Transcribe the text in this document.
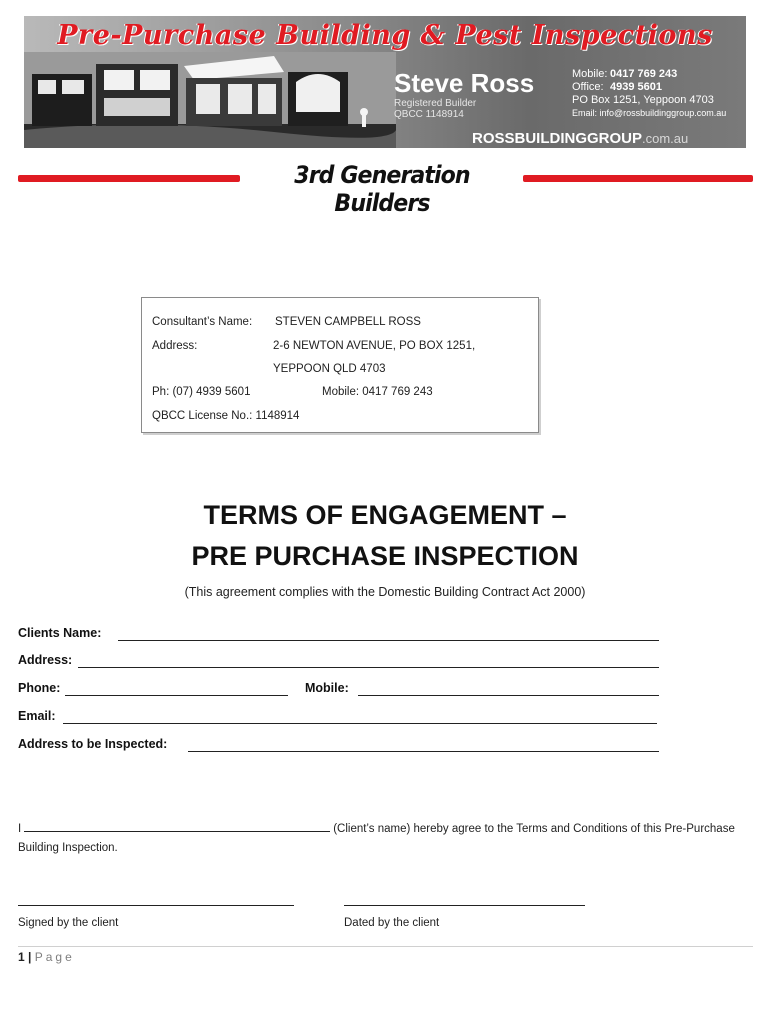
Pre-Purchase Building & Pest Inspections
Steve Ross
Registered Builder
QBCC 1148914
Mobile: 0417 769 243
Office: 4939 5601
PO Box 1251, Yeppoon 4703
Email: info@rossbuildinggroup.com.au
ROSSBUILDINGGROUP.com.au
3rd Generation Builders
Consultant’s Name: STEVEN CAMPBELL ROSS
Address:	2-6 NEWTON AVENUE, PO BOX 1251,
YEPPOON QLD 4703
Ph: (07) 4939 5601	Mobile: 0417 769 243
QBCC License No.: 1148914
TERMS OF ENGAGEMENT –
PRE PURCHASE INSPECTION
(This agreement complies with the Domestic Building Contract Act 2000)
Clients Name:
Address:
Phone:	Mobile:
Email:
Address to be Inspected:
I	(Client’s name) hereby agree to the Terms and Conditions of this Pre-Purchase Building Inspection.
Signed by the client	Dated by the client
1 | Page
